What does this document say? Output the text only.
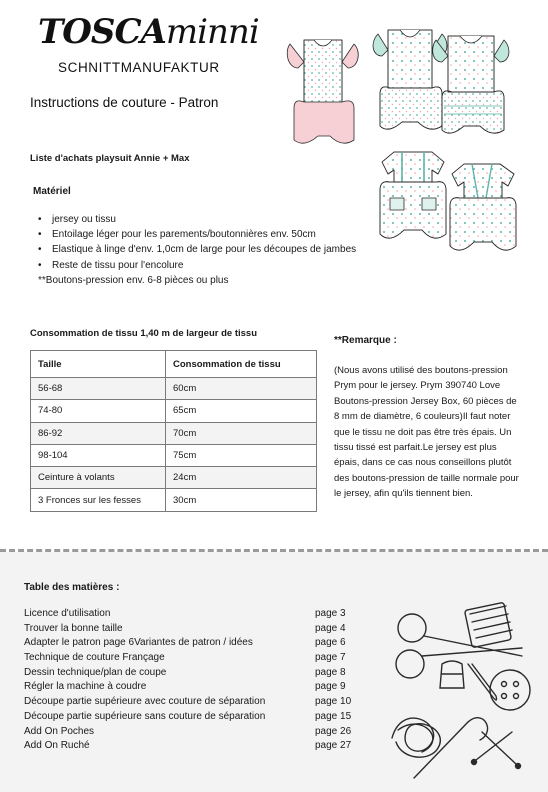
TOSCAminni
SCHNITTMANUFAKTUR
Instructions de couture - Patron
Liste d'achats playsuit Annie + Max
Matériel
• jersey ou tissu
• Entoilage léger pour les parements/boutonnières env. 50cm
• Elastique à linge d'env. 1,0cm de large pour les découpes de jambes
• Reste de tissu pour l'encolure
**Boutons-pression env. 6-8 pièces ou plus
Consommation de tissu 1,40 m de largeur de tissu
Taille	Consommation de tissu
56-68	60cm
74-80	65cm
86-92	70cm
98-104	75cm
Ceinture à volants	24cm
3 Fronces sur les fesses	30cm
**Remarque :
(Nous avons utilisé des boutons-pression Prym pour le jersey. Prym 390740 Love Boutons-pression Jersey Box, 60 pièces de 8 mm de diamètre, 6 couleurs)Il faut noter que le tissu ne doit pas être très épais. Un tissu tissé est parfait.Le jersey est plus épais, dans ce cas nous conseillons plutôt des boutons-pression de taille normale pour le jersey, afin qu'ils tiennent bien.
Table des matières :
Licence d'utilisation	page 3
Trouver la bonne taille	page 4
Adapter le patron page 6Variantes de patron / idées	page 6
Technique de couture Françage	page 7
Dessin technique/plan de coupe	page 8
Régler la machine à coudre	page 9
Découpe partie supérieure avec couture de séparation	page 10
Découpe partie supérieure sans couture de séparation	page 15
Add On Poches	page 26
Add On Ruché	page 27
